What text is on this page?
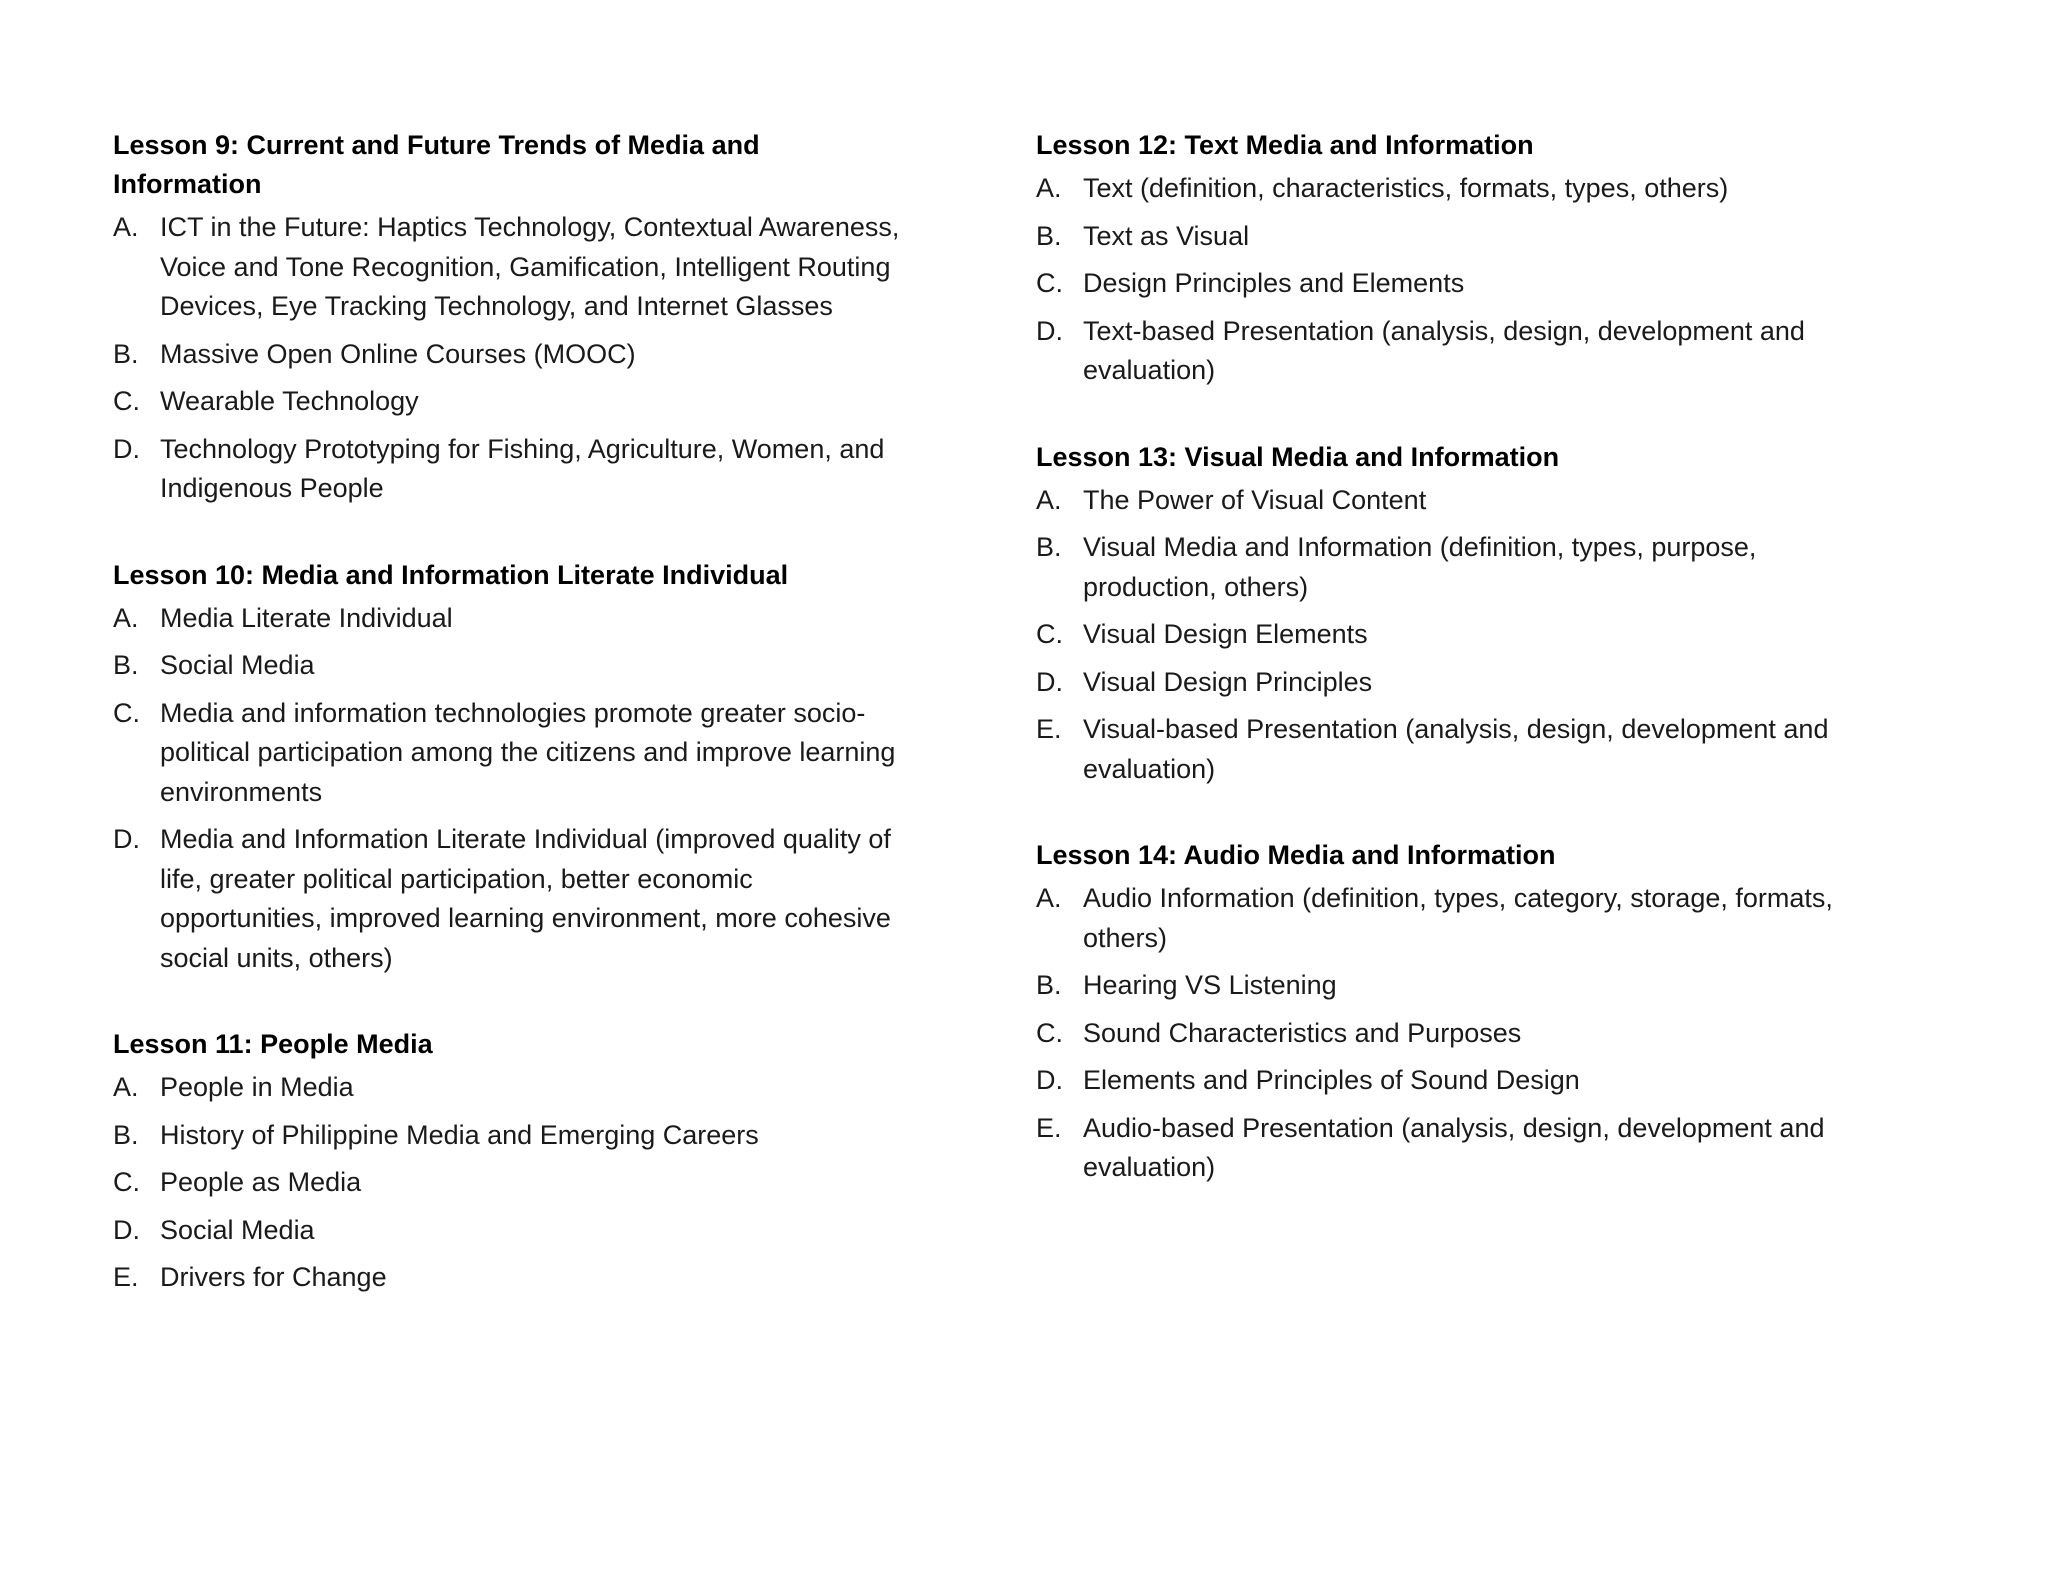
Lesson 9: Current and Future Trends of Media and Information
A. ICT in the Future: Haptics Technology, Contextual Awareness, Voice and Tone Recognition, Gamification, Intelligent Routing Devices, Eye Tracking Technology, and Internet Glasses
B. Massive Open Online Courses (MOOC)
C. Wearable Technology
D. Technology Prototyping for Fishing, Agriculture, Women, and Indigenous People
Lesson 10: Media and Information Literate Individual
A. Media Literate Individual
B. Social Media
C. Media and information technologies promote greater socio-political participation among the citizens and improve learning environments
D. Media and Information Literate Individual (improved quality of life, greater political participation, better economic opportunities, improved learning environment, more cohesive social units, others)
Lesson 11: People Media
A. People in Media
B. History of Philippine Media and Emerging Careers
C. People as Media
D. Social Media
E. Drivers for Change
Lesson 12: Text Media and Information
A. Text (definition, characteristics, formats, types, others)
B. Text as Visual
C. Design Principles and Elements
D. Text-based Presentation (analysis, design, development and evaluation)
Lesson 13: Visual Media and Information
A. The Power of Visual Content
B. Visual Media and Information (definition, types, purpose, production, others)
C. Visual Design Elements
D. Visual Design Principles
E. Visual-based Presentation (analysis, design, development and evaluation)
Lesson 14: Audio Media and Information
A. Audio Information (definition, types, category, storage, formats, others)
B. Hearing VS Listening
C. Sound Characteristics and Purposes
D. Elements and Principles of Sound Design
E. Audio-based Presentation (analysis, design, development and evaluation)
